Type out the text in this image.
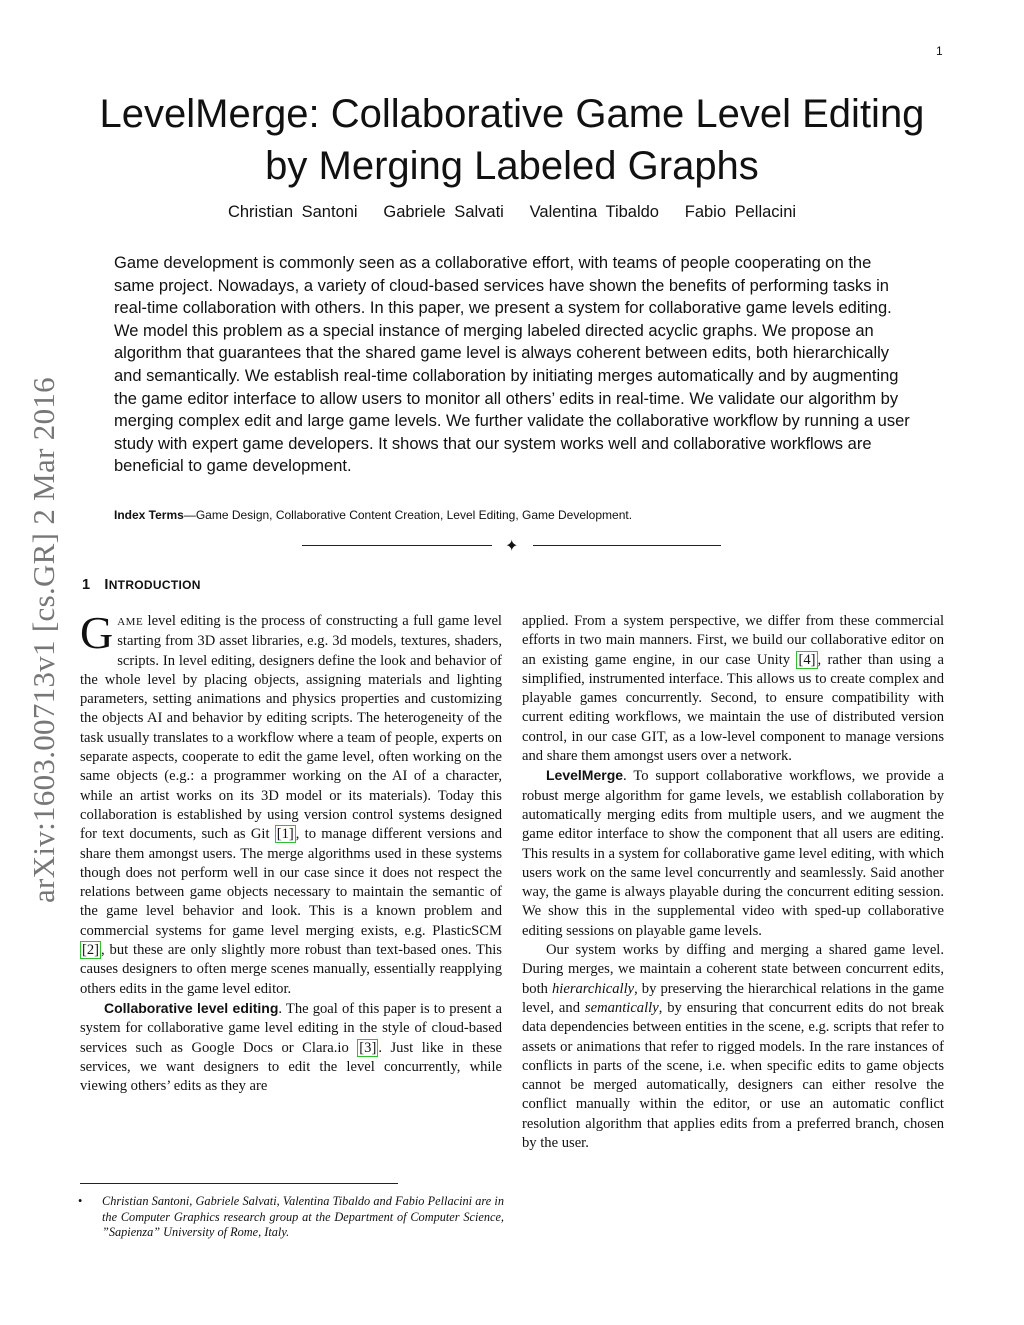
1
arXiv:1603.00713v1 [cs.GR] 2 Mar 2016
LevelMerge: Collaborative Game Level Editing
by Merging Labeled Graphs
Christian Santoni Gabriele Salvati Valentina Tibaldo Fabio Pellacini

Game development is commonly seen as a collaborative effort, with teams of people cooperating on the same project. Nowadays, a variety of cloud-based services have shown the benefits of performing tasks in real-time collaboration with others. In this paper, we present a system for collaborative game levels editing. We model this problem as a special instance of merging labeled directed acyclic graphs. We propose an algorithm that guarantees that the shared game level is always coherent between edits, both hierarchically and semantically. We establish real-time collaboration by initiating merges automatically and by augmenting the game editor interface to allow users to monitor all others’ edits in real-time. We validate our algorithm by merging complex edit and large game levels. We further validate the collaborative workflow by running a user study with expert game developers. It shows that our system works well and collaborative workflows are beneficial to game development.

Index Terms—Game Design, Collaborative Content Creation, Level Editing, Game Development.
✦
1 INTRODUCTION

GAME level editing is the process of constructing a full game level starting from 3D asset libraries, e.g. 3d models, textures, shaders, scripts. In level editing, designers define the look and behavior of the whole level by placing objects, assigning materials and lighting parameters, setting animations and physics properties and customizing the objects AI and behavior by editing scripts. The heterogeneity of the task usually translates to a workflow where a team of people, experts on separate aspects, cooperate to edit the game level, often working on the same objects (e.g.: a programmer working on the AI of a character, while an artist works on its 3D model or its materials). Today this collaboration is established by using version control systems designed for text documents, such as Git [1] , to manage different versions and share them amongst users. The merge algorithms used in these systems though does not perform well in our case since it does not respect the relations between game objects necessary to maintain the semantic of the game level behavior and look. This is a known problem and commercial systems for game level merging exists, e.g. PlasticSCM [2] , but these are only slightly more robust than text-based ones. This causes designers to often merge scenes manually, essentially reapplying others edits in the game level editor.

Collaborative level editing. The goal of this paper is to present a system for collaborative game level editing in the style of cloud-based services such as Google Docs or Clara.io [3] . Just like in these services, we want designers to edit the level concurrently, while viewing others’ edits as they are

applied. From a system perspective, we differ from these commercial efforts in two main manners. First, we build our collaborative editor on an existing game engine, in our case Unity [4] , rather than using a simplified, instrumented interface. This allows us to create complex and playable games concurrently. Second, to ensure compatibility with current editing workflows, we maintain the use of distributed version control, in our case GIT, as a low-level component to manage versions and share them amongst users over a network.

LevelMerge. To support collaborative workflows, we provide a robust merge algorithm for game levels, we establish collaboration by automatically merging edits from multiple users, and we augment the game editor interface to show the component that all users are editing. This results in a system for collaborative game level editing, with which users work on the same level concurrently and seamlessly. Said another way, the game is always playable during the concurrent editing session. We show this in the supplemental video with sped-up collaborative editing sessions on playable game levels.

Our system works by diffing and merging a shared game level. During merges, we maintain a coherent state between concurrent edits, both hierarchically, by preserving the hierarchical relations in the game level, and semantically, by ensuring that concurrent edits do not break data dependencies between entities in the scene, e.g. scripts that refer to assets or animations that refer to rigged models. In the rare instances of conflicts in parts of the scene, i.e. when specific edits to game objects cannot be merged automatically, designers can either resolve the conflict manually within the editor, or use an automatic conflict resolution algorithm that applies edits from a preferred branch, chosen by the user.

• Christian Santoni, Gabriele Salvati, Valentina Tibaldo and Fabio Pellacini are in the Computer Graphics research group at the Department of Computer Science, ”Sapienza” University of Rome, Italy.
